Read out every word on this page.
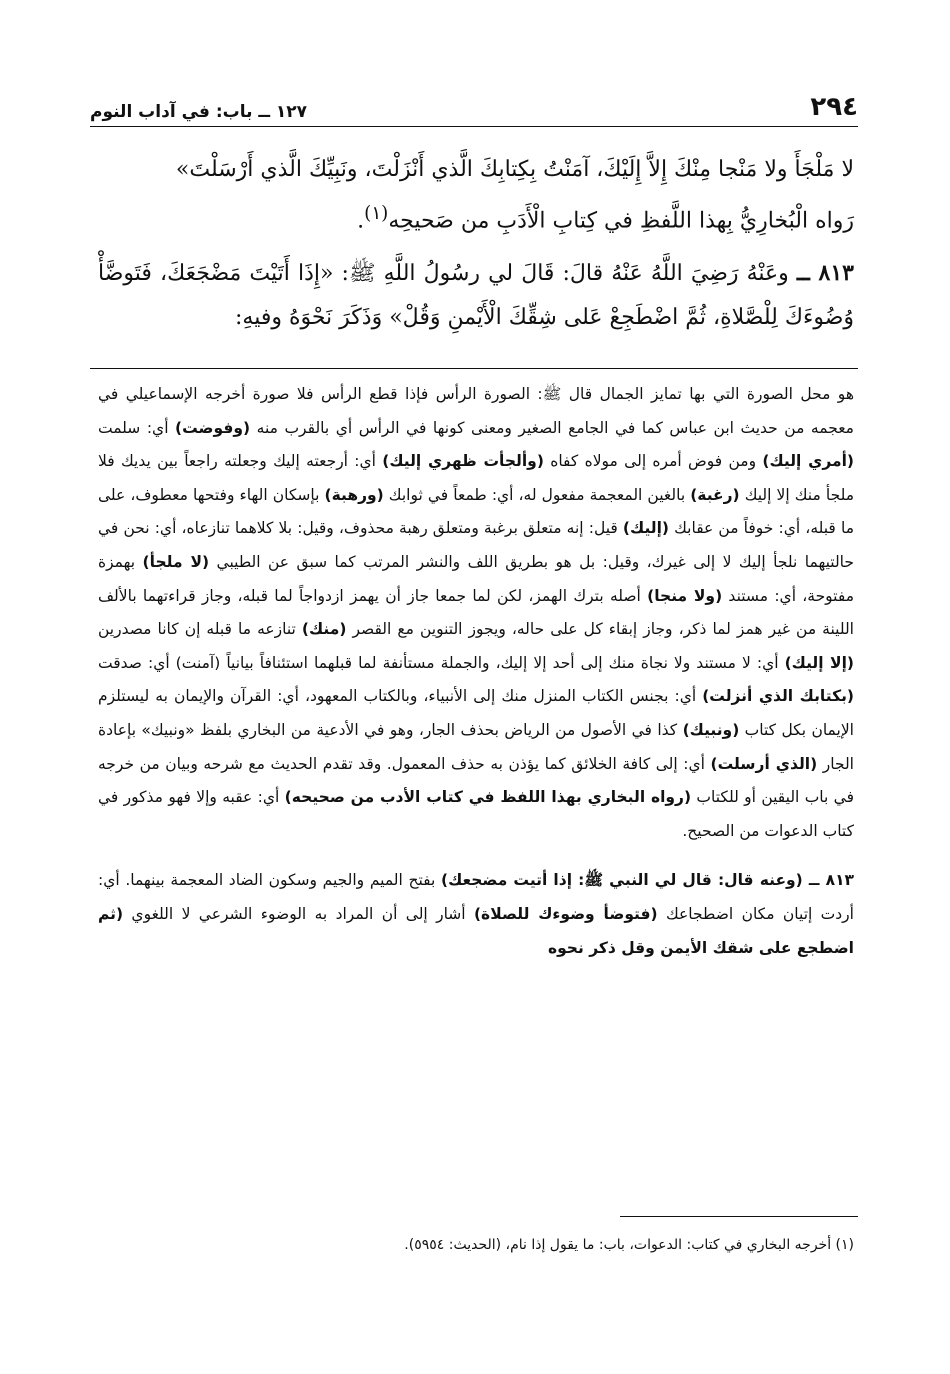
٢٩٤
١٢٧ ــ باب: في آداب النوم

لا مَلْجَأَ ولا مَنْجا مِنْكَ إِلاَّ إِلَيْكَ، آمَنْتُ بِكِتابِكَ الَّذي أَنْزَلْتَ، ونَبِيِّكَ الَّذي أَرْسَلْتَ»

رَواه الْبُخارِيُّ بِهذا اللَّفظِ في كِتابِ الْأَدَبِ من صَحيحِه$^{(١)}$.

٨١٣ ــ وعَنْهُ رَضِيَ اللَّهُ عَنْهُ قالَ: قَالَ لي رسُولُ اللَّهِ ﷺ: «إِذَا أَتَيْتَ مَضْجَعَكَ، فَتَوضَّأْ وُضُوءَكَ لِلْصَّلاةِ، ثُمَّ اضْطَجِعْ عَلى شِقِّكَ الْأَيْمنِ وَقُلْ» وَذَكَرَ نَحْوَهُ وفيهِ:

هو محل الصورة التي بها تمايز الجمال قال ﷺ: الصورة الرأس فإذا قطع الرأس فلا صورة أخرجه الإسماعيلي في معجمه من حديث ابن عباس كما في الجامع الصغير ومعنى كونها في الرأس أي بالقرب منه (وفوضت) أي: سلمت (أمري إليك) ومن فوض أمره إلى مولاه كفاه (وألجأت ظهري إليك) أي: أرجعته إليك وجعلته راجعاً بين يديك فلا ملجأ منك إلا إليك (رغبة) بالغين المعجمة مفعول له، أي: طمعاً في ثوابك (ورهبة) بإسكان الهاء وفتحها معطوف، على ما قبله، أي: خوفاً من عقابك (إليك) قيل: إنه متعلق برغبة ومتعلق رهبة محذوف، وقيل: بلا كلاهما تنازعاه، أي: نحن في حالتيهما نلجأ إليك لا إلى غيرك، وقيل: بل هو بطريق اللف والنشر المرتب كما سبق عن الطيبي (لا ملجأ) بهمزة مفتوحة، أي: مستند (ولا منجا) أصله بترك الهمز، لكن لما جمعا جاز أن يهمز ازدواجاً لما قبله، وجاز قراءتهما بالألف اللينة من غير همز لما ذكر، وجاز إبقاء كل على حاله، ويجوز التنوين مع القصر (منك) تنازعه ما قبله إن كانا مصدرين (إلا إليك) أي: لا مستند ولا نجاة منك إلى أحد إلا إليك، والجملة مستأنفة لما قبلهما استئنافاً بيانياً (آمنت) أي: صدقت (بكتابك الذي أنزلت) أي: بجنس الكتاب المنزل منك إلى الأنبياء، وبالكتاب المعهود، أي: القرآن والإيمان به ليستلزم الإيمان بكل كتاب (ونبيك) كذا في الأصول من الرياض بحذف الجار، وهو في الأدعية من البخاري بلفظ «ونبيك» بإعادة الجار (الذي أرسلت) أي: إلى كافة الخلائق كما يؤذن به حذف المعمول. وقد تقدم الحديث مع شرحه وبيان من خرجه في باب اليقين أو للكتاب (رواه البخاري بهذا اللفظ في كتاب الأدب من صحيحه) أي: عقبه وإلا فهو مذكور في كتاب الدعوات من الصحيح.

٨١٣ ــ (وعنه قال: قال لي النبي ﷺ: إذا أتيت مضجعك) بفتح الميم والجيم وسكون الضاد المعجمة بينهما. أي: أردت إتيان مكان اضطجاعك (فتوضأ وضوءك للصلاة) أشار إلى أن المراد به الوضوء الشرعي لا اللغوي (ثم اضطجع على شقك الأيمن وقل ذكر نحوه

(١) أخرجه البخاري في كتاب: الدعوات، باب: ما يقول إذا نام، (الحديث: ٥٩٥٤).
